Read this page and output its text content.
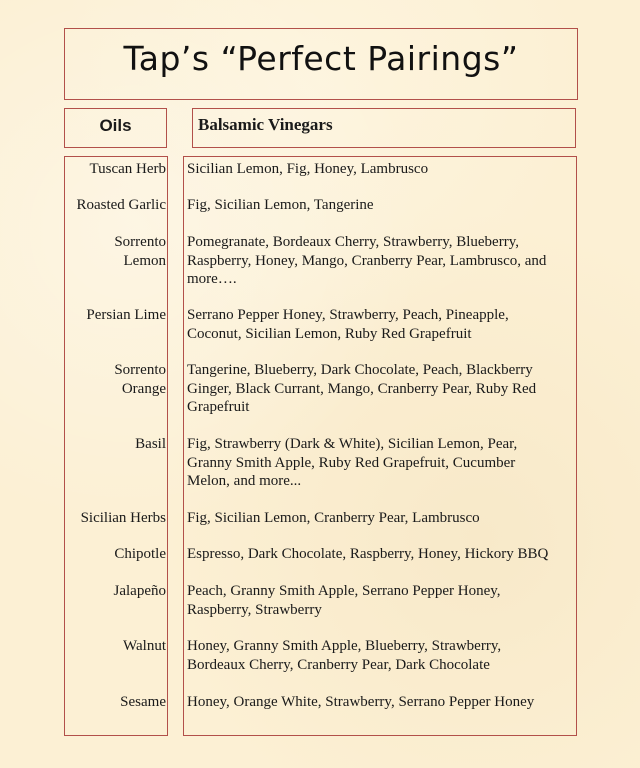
Tap’s “Perfect Pairings”
Oils	Balsamic Vinegars
Tuscan Herb Sicilian Lemon, Fig, Honey, Lambrusco
Roasted Garlic Fig, Sicilian Lemon, Tangerine
Sorrento Lemon
Pomegranate, Bordeaux Cherry, Strawberry, Blueberry, Raspberry, Honey, Mango, Cranberry Pear, Lambrusco, and more….
Persian Lime Serrano Pepper Honey, Strawberry, Peach, Pineapple, Coconut, Sicilian Lemon, Ruby Red Grapefruit
Sorrento Orange
Tangerine, Blueberry, Dark Chocolate, Peach, Blackberry Ginger, Black Currant, Mango, Cranberry Pear, Ruby Red Grapefruit
Basil Fig, Strawberry (Dark & White), Sicilian Lemon, Pear, Granny Smith Apple, Ruby Red Grapefruit, Cucumber Melon, and more...
Sicilian Herbs Fig, Sicilian Lemon, Cranberry Pear, Lambrusco
Chipotle Espresso, Dark Chocolate, Raspberry, Honey, Hickory BBQ
Jalapeño Peach, Granny Smith Apple, Serrano Pepper Honey, Raspberry, Strawberry
Walnut Honey, Granny Smith Apple, Blueberry, Strawberry, Bordeaux Cherry, Cranberry Pear, Dark Chocolate
Sesame Honey, Orange White, Strawberry, Serrano Pepper Honey
